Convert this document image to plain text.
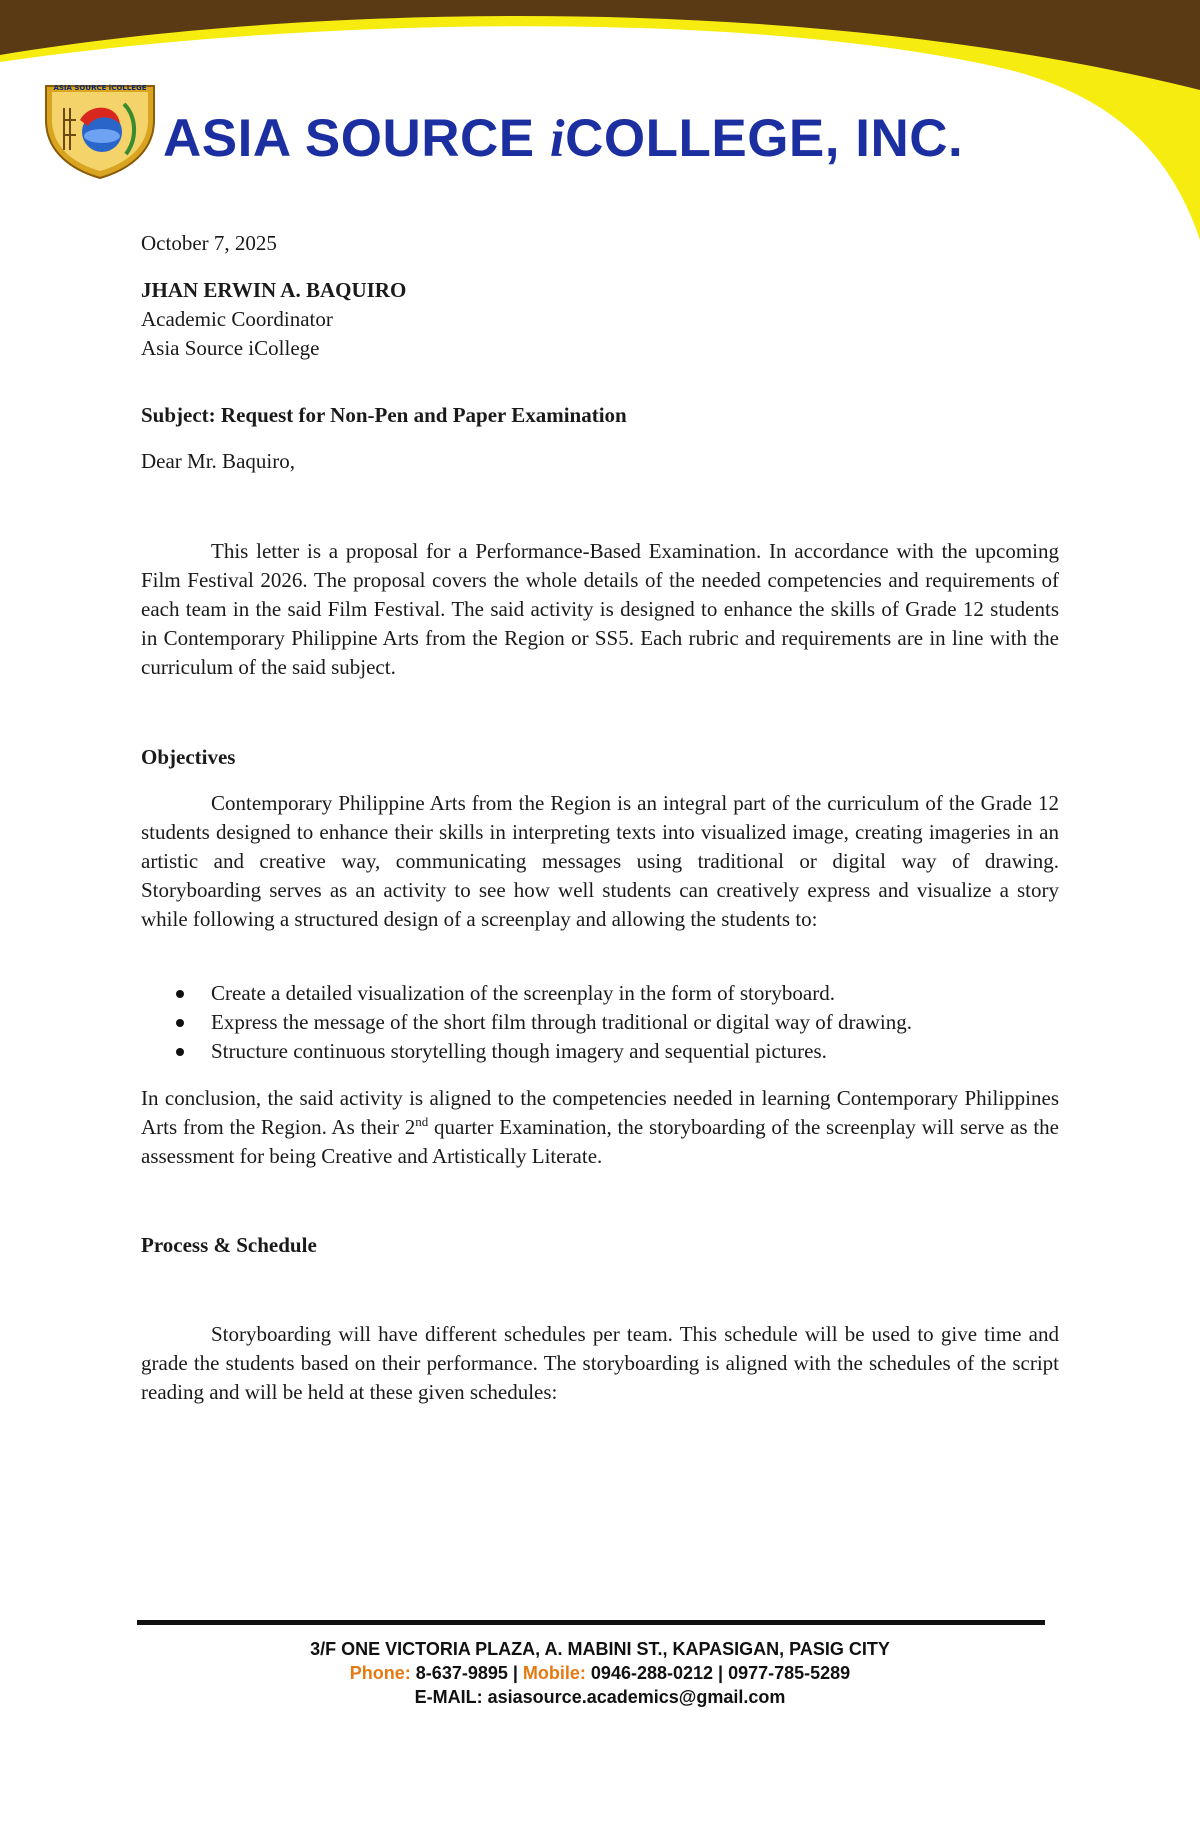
ASIA SOURCE iCOLLEGE
ASIA SOURCE iCOLLEGE, INC.
October 7, 2025
JHAN ERWIN A. BAQUIRO
Academic Coordinator
Asia Source iCollege
Subject: Request for Non-Pen and Paper Examination
Dear Mr. Baquiro,

This letter is a proposal for a Performance-Based Examination. In accordance with the upcoming Film Festival 2026. The proposal covers the whole details of the needed competencies and requirements of each team in the said Film Festival. The said activity is designed to enhance the skills of Grade 12 students in Contemporary Philippine Arts from the Region or SS5. Each rubric and requirements are in line with the curriculum of the said subject.

Objectives

Contemporary Philippine Arts from the Region is an integral part of the curriculum of the Grade 12 students designed to enhance their skills in interpreting texts into visualized image, creating imageries in an artistic and creative way, communicating messages using traditional or digital way of drawing. Storyboarding serves as an activity to see how well students can creatively express and visualize a story while following a structured design of a screenplay and allowing the students to:

Create a detailed visualization of the screenplay in the form of storyboard.
Express the message of the short film through traditional or digital way of drawing.
Structure continuous storytelling though imagery and sequential pictures.

In conclusion, the said activity is aligned to the competencies needed in learning Contemporary Philippines Arts from the Region. As their 2nd quarter Examination, the storyboarding of the screenplay will serve as the assessment for being Creative and Artistically Literate.

Process & Schedule

Storyboarding will have different schedules per team. This schedule will be used to give time and grade the students based on their performance. The storyboarding is aligned with the schedules of the script reading and will be held at these given schedules:

3/F ONE VICTORIA PLAZA, A. MABINI ST., KAPASIGAN, PASIG CITY
Phone: 8-637-9895 | Mobile: 0946-288-0212 | 0977-785-5289
E-MAIL: asiasource.academics@gmail.com
